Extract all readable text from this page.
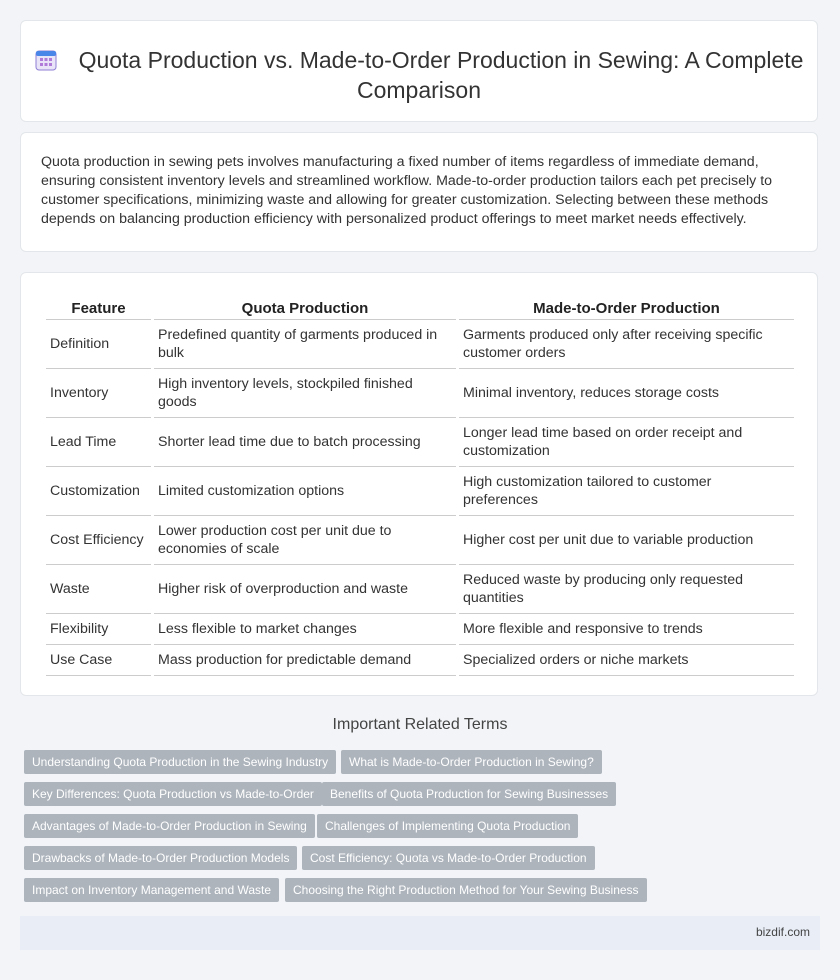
Quota Production vs. Made-to-Order Production in Sewing: A Complete Comparison

Quota production in sewing pets involves manufacturing a fixed number of items regardless of immediate demand, ensuring consistent inventory levels and streamlined workflow. Made-to-order production tailors each pet precisely to customer specifications, minimizing waste and allowing for greater customization. Selecting between these methods depends on balancing production efficiency with personalized product offerings to meet market needs effectively.

Feature	Quota Production	Made-to-Order Production
Definition	Predefined quantity of garments produced in bulk	Garments produced only after receiving specific customer orders
Inventory	High inventory levels, stockpiled finished goods	Minimal inventory, reduces storage costs
Lead Time	Shorter lead time due to batch processing	Longer lead time based on order receipt and customization
Customization	Limited customization options	High customization tailored to customer preferences
Cost Efficiency	Lower production cost per unit due to economies of scale	Higher cost per unit due to variable production
Waste	Higher risk of overproduction and waste	Reduced waste by producing only requested quantities
Flexibility	Less flexible to market changes	More flexible and responsive to trends
Use Case	Mass production for predictable demand	Specialized orders or niche markets
Important Related Terms
Understanding Quota Production in the Sewing Industry	What is Made-to-Order Production in Sewing?
Key Differences: Quota Production vs Made-to-Order	Benefits of Quota Production for Sewing Businesses
Advantages of Made-to-Order Production in Sewing	Challenges of Implementing Quota Production
Drawbacks of Made-to-Order Production Models	Cost Efficiency: Quota vs Made-to-Order Production
Impact on Inventory Management and Waste	Choosing the Right Production Method for Your Sewing Business
bizdif.com
